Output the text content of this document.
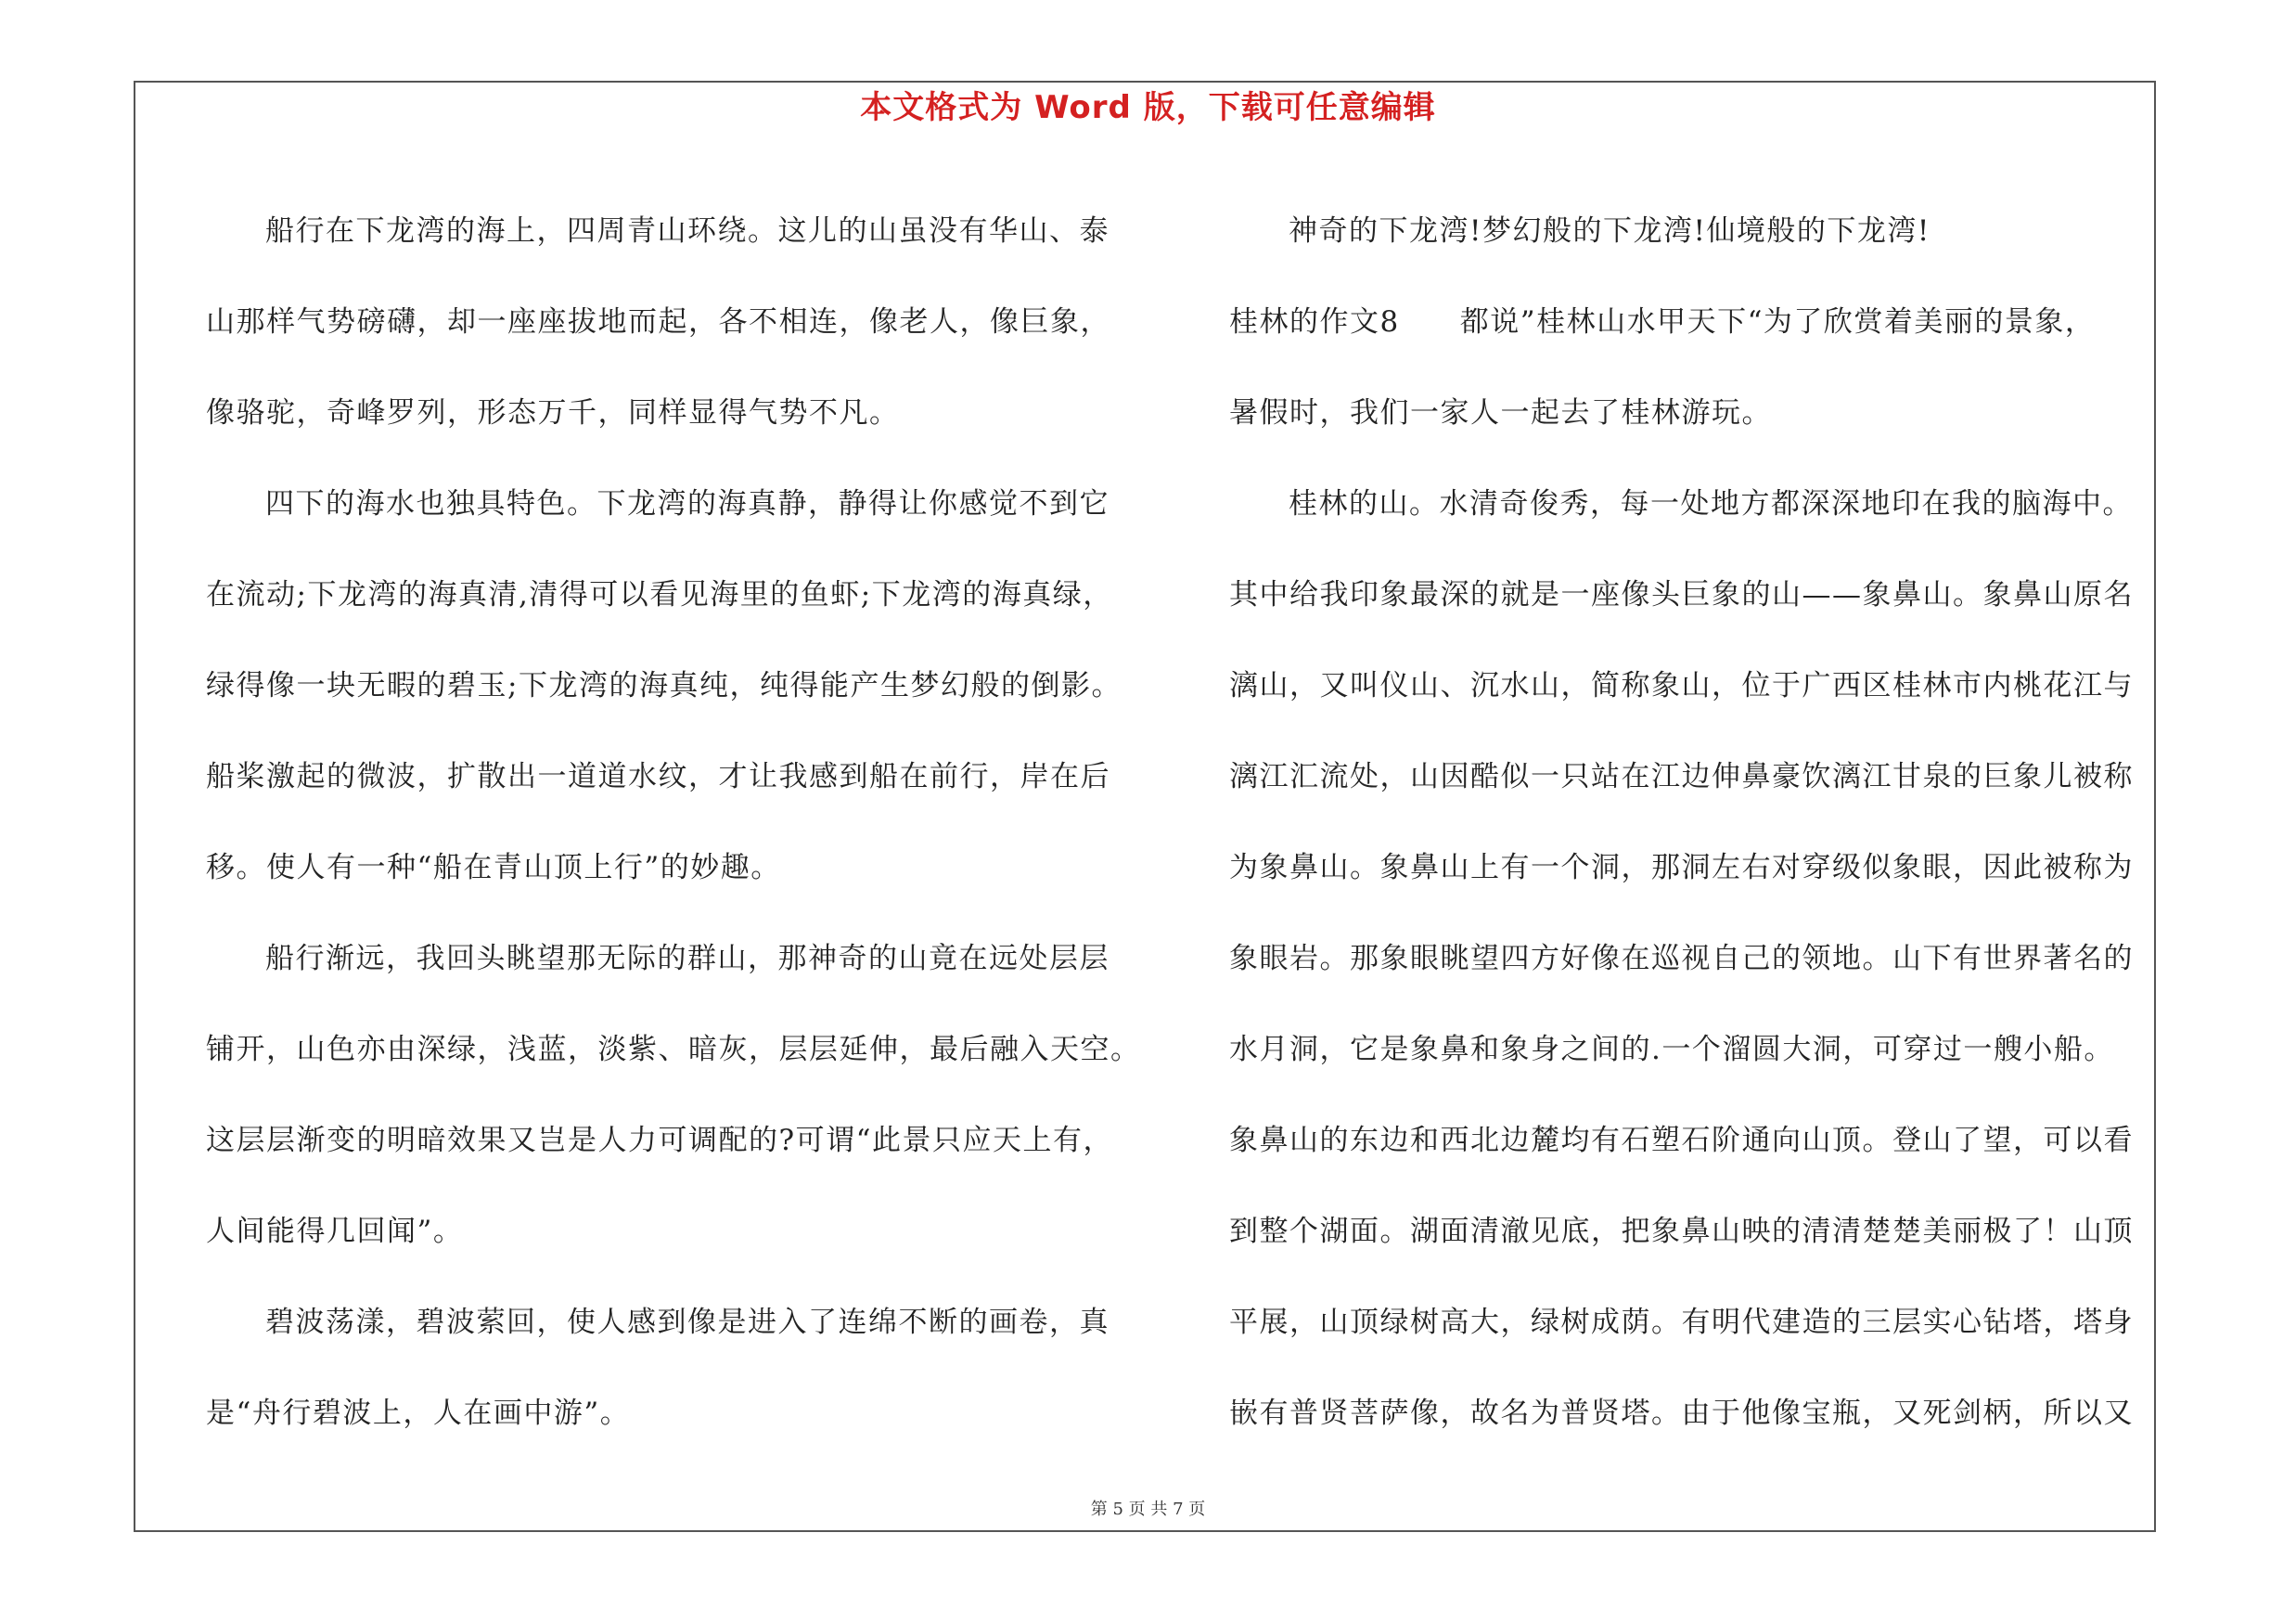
本文格式为 Word 版，下载可任意编辑
船行在下龙湾的海上，四周青山环绕。这儿的山虽没有华山、泰
山那样气势磅礴，却一座座拔地而起，各不相连，像老人，像巨象，
像骆驼，奇峰罗列，形态万千，同样显得气势不凡。
四下的海水也独具特色。下龙湾的海真静，静得让你感觉不到它
在流动;下龙湾的海真清,清得可以看见海里的鱼虾;下龙湾的海真绿，
绿得像一块无暇的碧玉;下龙湾的海真纯，纯得能产生梦幻般的倒影。
船桨激起的微波，扩散出一道道水纹，才让我感到船在前行，岸在后
移。使人有一种“船在青山顶上行”的妙趣。
船行渐远，我回头眺望那无际的群山，那神奇的山竟在远处层层
铺开，山色亦由深绿，浅蓝，淡紫、暗灰，层层延伸，最后融入天空。
这层层渐变的明暗效果又岂是人力可调配的?可谓“此景只应天上有，
人间能得几回闻”。
碧波荡漾，碧波萦回，使人感到像是进入了连绵不断的画卷，真
是“舟行碧波上，人在画中游”。
神奇的下龙湾!梦幻般的下龙湾!仙境般的下龙湾!
桂林的作文8　　都说”桂林山水甲天下“为了欣赏着美丽的景象，
暑假时，我们一家人一起去了桂林游玩。
桂林的山。水清奇俊秀，每一处地方都深深地印在我的脑海中。
其中给我印象最深的就是一座像头巨象的山——象鼻山。象鼻山原名
漓山，又叫仪山、沉水山，简称象山，位于广西区桂林市内桃花江与
漓江汇流处，山因酷似一只站在江边伸鼻豪饮漓江甘泉的巨象儿被称
为象鼻山。象鼻山上有一个洞，那洞左右对穿级似象眼，因此被称为
象眼岩。那象眼眺望四方好像在巡视自己的领地。山下有世界著名的
水月洞，它是象鼻和象身之间的.一个溜圆大洞，可穿过一艘小船。
象鼻山的东边和西北边麓均有石塑石阶通向山顶。登山了望，可以看
到整个湖面。湖面清澈见底，把象鼻山映的清清楚楚美丽极了！山顶
平展，山顶绿树高大，绿树成荫。有明代建造的三层实心钻塔，塔身
嵌有普贤菩萨像，故名为普贤塔。由于他像宝瓶，又死剑柄，所以又
第 5 页 共 7 页
